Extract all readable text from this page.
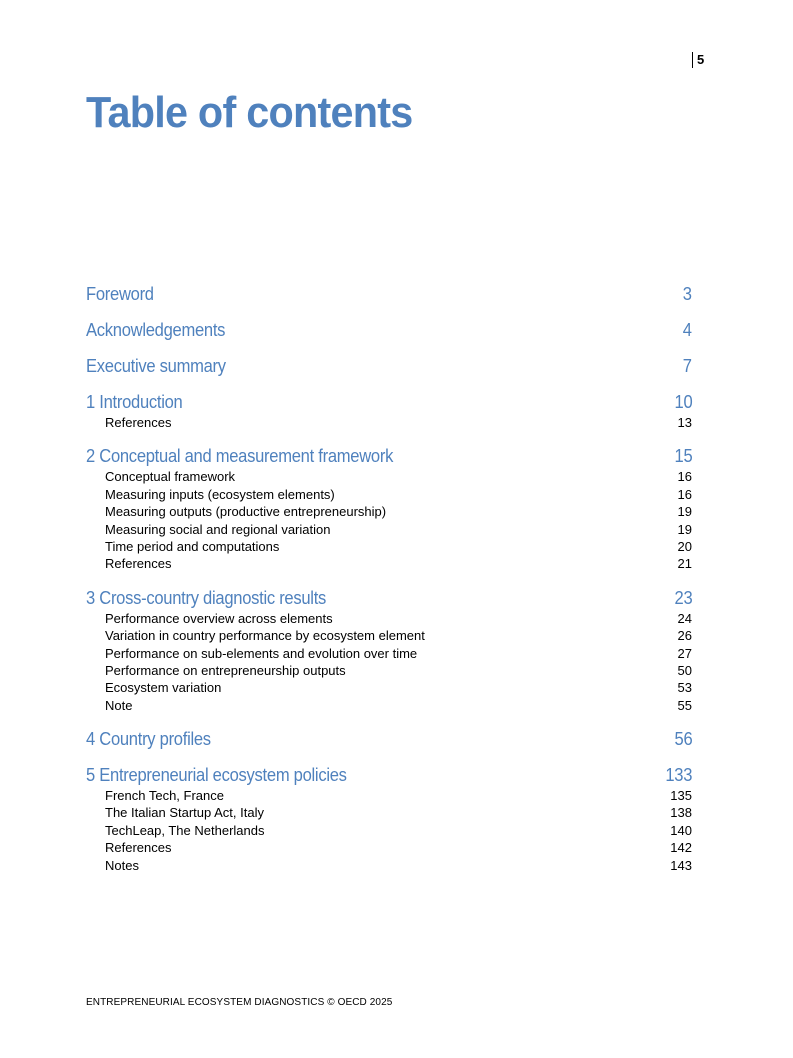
5
Table of contents
Foreword	3
Acknowledgements	4
Executive summary	7
1 Introduction	10
References	13
2 Conceptual and measurement framework	15
Conceptual framework	16
Measuring inputs (ecosystem elements)	16
Measuring outputs (productive entrepreneurship)	19
Measuring social and regional variation	19
Time period and computations	20
References	21
3 Cross-country diagnostic results	23
Performance overview across elements	24
Variation in country performance by ecosystem element	26
Performance on sub-elements and evolution over time	27
Performance on entrepreneurship outputs	50
Ecosystem variation	53
Note	55
4 Country profiles	56
5 Entrepreneurial ecosystem policies	133
French Tech, France	135
The Italian Startup Act, Italy	138
TechLeap, The Netherlands	140
References	142
Notes	143
ENTREPRENEURIAL ECOSYSTEM DIAGNOSTICS © OECD 2025
